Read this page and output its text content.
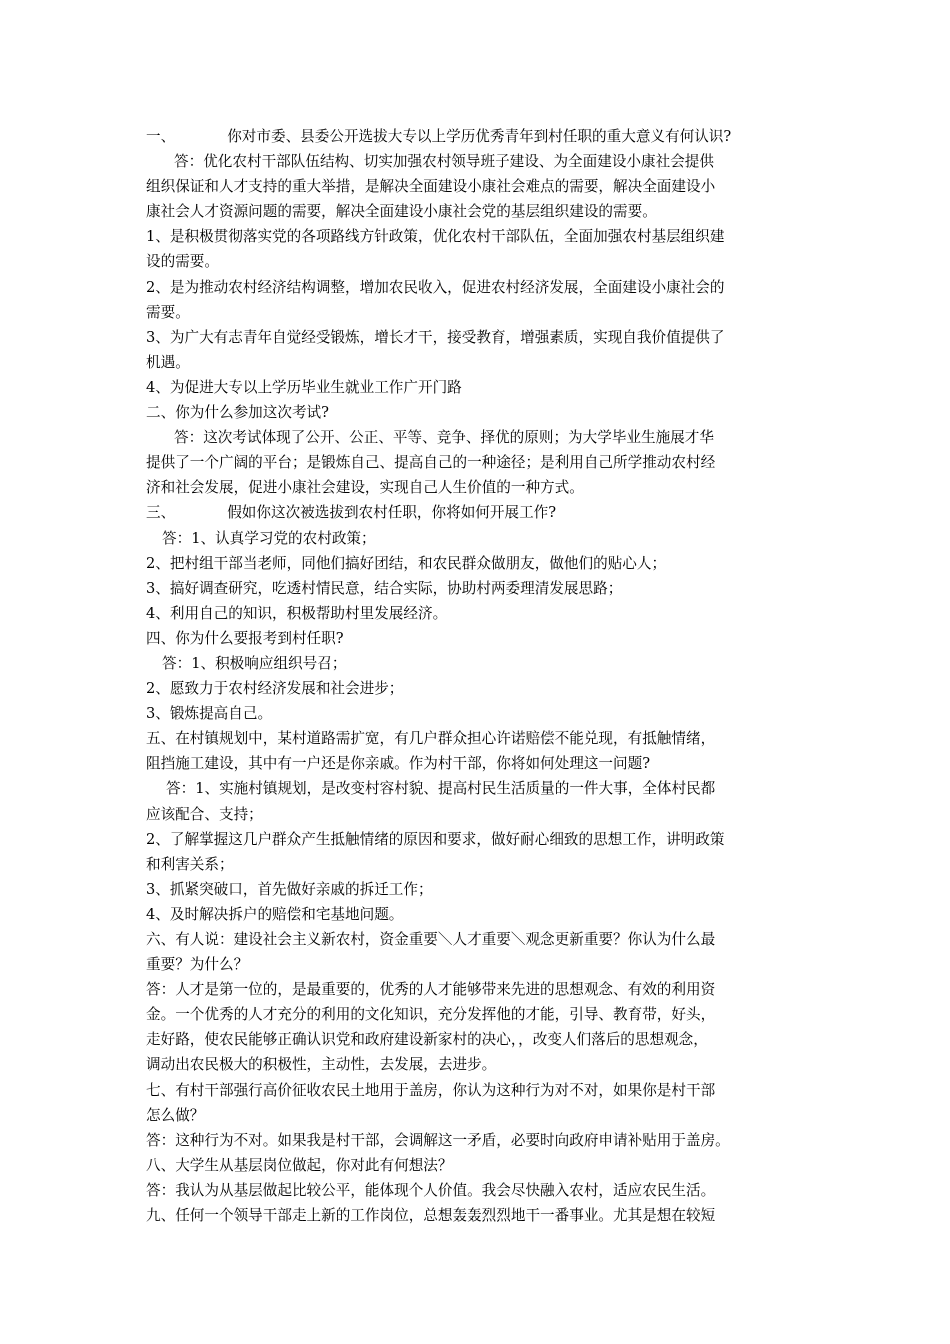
一、	你对市委、县委公开选拔大专以上学历优秀青年到村任职的重大意义有何认识?
答：优化农村干部队伍结构、切实加强农村领导班子建设、为全面建设小康社会提供
组织保证和人才支持的重大举措，是解决全面建设小康社会难点的需要，解决全面建设小
康社会人才资源问题的需要，解决全面建设小康社会党的基层组织建设的需要。
1、是积极贯彻落实党的各项路线方针政策，优化农村干部队伍，全面加强农村基层组织建
设的需要。
2、是为推动农村经济结构调整，增加农民收入，促进农村经济发展，全面建设小康社会的
需要。
3、为广大有志青年自觉经受锻炼，增长才干，接受教育，增强素质，实现自我价值提供了
机遇。
4、为促进大专以上学历毕业生就业工作广开门路
二、你为什么参加这次考试?
答：这次考试体现了公开、公正、平等、竞争、择优的原则；为大学毕业生施展才华
提供了一个广阔的平台；是锻炼自己、提高自己的一种途径；是利用自己所学推动农村经
济和社会发展，促进小康社会建设，实现自己人生价值的一种方式。
三、	假如你这次被选拔到农村任职，你将如何开展工作?
答：1、认真学习党的农村政策；
2、把村组干部当老师，同他们搞好团结，和农民群众做朋友，做他们的贴心人；
3、搞好调查研究，吃透村情民意，结合实际，协助村两委理清发展思路；
4、利用自己的知识，积极帮助村里发展经济。
四、你为什么要报考到村任职?
答：1、积极响应组织号召；
2、愿致力于农村经济发展和社会进步；
3、锻炼提高自己。
五、在村镇规划中，某村道路需扩宽，有几户群众担心许诺赔偿不能兑现，有抵触情绪，
阻挡施工建设，其中有一户还是你亲戚。作为村干部，你将如何处理这一问题?
答：1、实施村镇规划，是改变村容村貌、提高村民生活质量的一件大事，全体村民都
应该配合、支持；
2、了解掌握这几户群众产生抵触情绪的原因和要求，做好耐心细致的思想工作，讲明政策
和利害关系；
3、抓紧突破口，首先做好亲戚的拆迁工作；
4、及时解决拆户的赔偿和宅基地问题。
六、有人说：建设社会主义新农村，资金重要＼人才重要＼观念更新重要？你认为什么最
重要？为什么？
答：人才是第一位的，是最重要的，优秀的人才能够带来先进的思想观念、有效的利用资
金。一个优秀的人才充分的利用的文化知识，充分发挥他的才能，引导、教育带，好头，
走好路，使农民能够正确认识党和政府建设新家村的决心，，改变人们落后的思想观念，
调动出农民极大的积极性，主动性，去发展，去进步。
七、有村干部强行高价征收农民土地用于盖房，你认为这种行为对不对，如果你是村干部
怎么做？
答：这种行为不对。如果我是村干部，会调解这一矛盾，必要时向政府申请补贴用于盖房。
八、大学生从基层岗位做起，你对此有何想法？
答：我认为从基层做起比较公平，能体现个人价值。我会尽快融入农村，适应农民生活。
九、任何一个领导干部走上新的工作岗位，总想轰轰烈烈地干一番事业。尤其是想在较短
